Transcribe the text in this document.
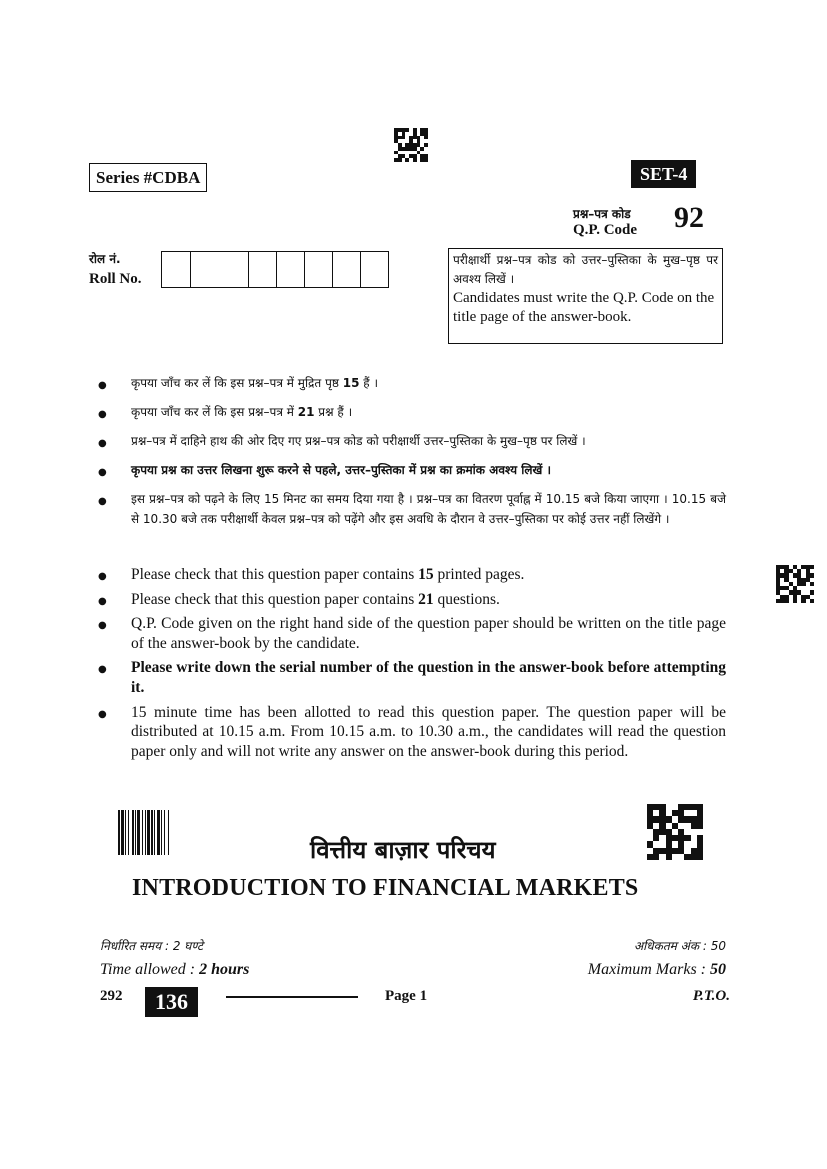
Series #CDBA	SET-4
प्रश्न–पत्र कोड
Q.P. Code 92
रोल नं.
Roll No.
परीक्षार्थी प्रश्न–पत्र कोड को उत्तर–पुस्तिका के मुख–पृष्ठ पर अवश्य लिखें ।
Candidates must write the Q.P. Code on the title page of the answer-book.
● कृपया जाँच कर लें कि इस प्रश्न–पत्र में मुद्रित पृष्ठ 15 हैं ।
● कृपया जाँच कर लें कि इस प्रश्न–पत्र में 21 प्रश्न हैं ।
● प्रश्न–पत्र में दाहिने हाथ की ओर दिए गए प्रश्न–पत्र कोड को परीक्षार्थी उत्तर–पुस्तिका के मुख–पृष्ठ पर लिखें ।
● कृपया प्रश्न का उत्तर लिखना शुरू करने से पहले, उत्तर–पुस्तिका में प्रश्न का क्रमांक अवश्य लिखें ।
● इस प्रश्न–पत्र को पढ़ने के लिए 15 मिनट का समय दिया गया है । प्रश्न–पत्र का वितरण पूर्वाह्न में 10.15 बजे किया जाएगा । 10.15 बजे से 10.30 बजे तक परीक्षार्थी केवल प्रश्न–पत्र को पढ़ेंगे और इस अवधि के दौरान वे उत्तर–पुस्तिका पर कोई उत्तर नहीं लिखेंगे ।
● Please check that this question paper contains 15 printed pages.
● Please check that this question paper contains 21 questions.
● Q.P. Code given on the right hand side of the question paper should be written on the title page of the answer-book by the candidate.
● Please write down the serial number of the question in the answer-book before attempting it.
● 15 minute time has been allotted to read this question paper. The question paper will be distributed at 10.15 a.m. From 10.15 a.m. to 10.30 a.m., the candidates will read the question paper only and will not write any answer on the answer-book during this period.
वित्तीय बाज़ार परिचय
INTRODUCTION TO FINANCIAL MARKETS
निर्धारित समय : 2 घण्टे
Time allowed : 2 hours
अधिकतम अंक : 50
Maximum Marks : 50
292	136	Page 1	P.T.O.
